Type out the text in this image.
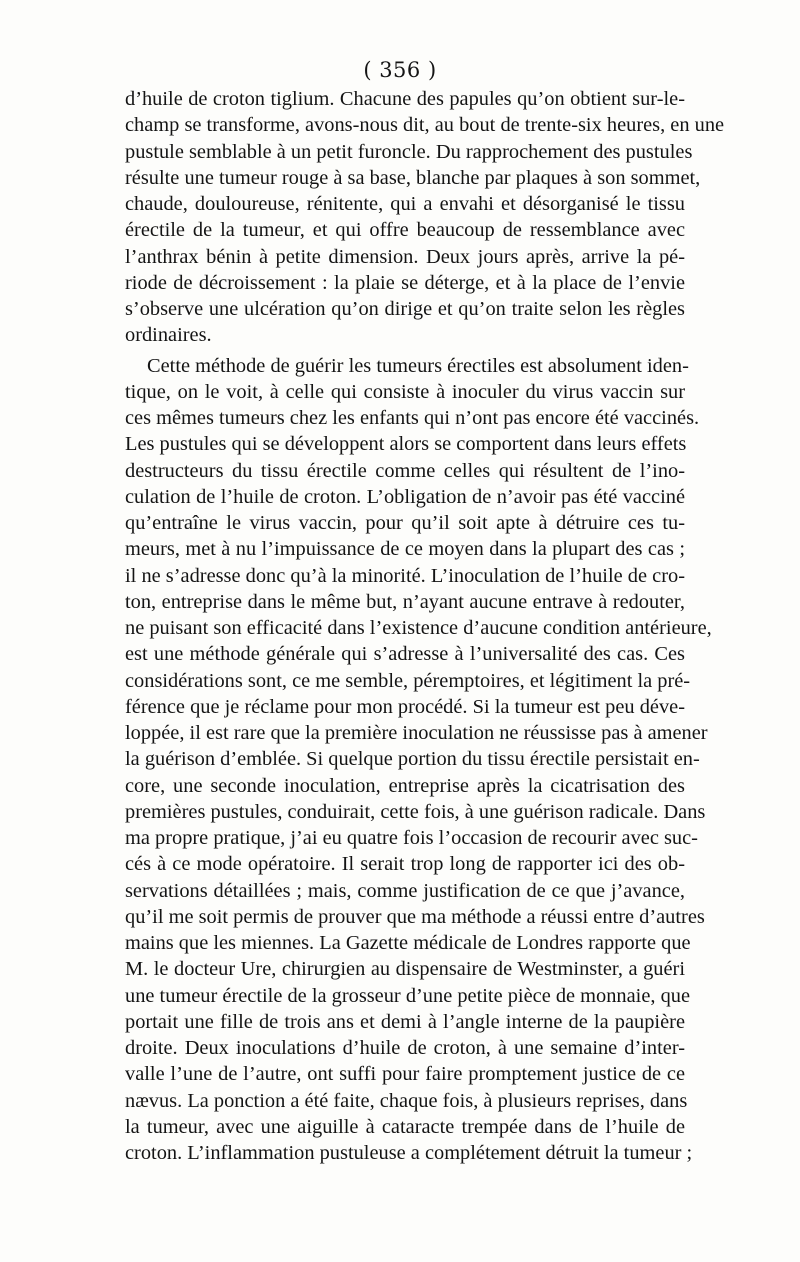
( 356 )
d’huile de croton tiglium. Chacune des papules qu’on obtient sur-le-
champ se transforme, avons-nous dit, au bout de trente-six heures, en une
pustule semblable à un petit furoncle. Du rapprochement des pustules
résulte une tumeur rouge à sa base, blanche par plaques à son sommet,
chaude, douloureuse, rénitente, qui a envahi et désorganisé le tissu
érectile de la tumeur, et qui offre beaucoup de ressemblance avec
l’anthrax bénin à petite dimension. Deux jours après, arrive la pé-
riode de décroissement : la plaie se déterge, et à la place de l’envie
s’observe une ulcération qu’on dirige et qu’on traite selon les règles
ordinaires.
Cette méthode de guérir les tumeurs érectiles est absolument iden-
tique, on le voit, à celle qui consiste à inoculer du virus vaccin sur
ces mêmes tumeurs chez les enfants qui n’ont pas encore été vaccinés.
Les pustules qui se développent alors se comportent dans leurs effets
destructeurs du tissu érectile comme celles qui résultent de l’ino-
culation de l’huile de croton. L’obligation de n’avoir pas été vacciné
qu’entraîne le virus vaccin, pour qu’il soit apte à détruire ces tu-
meurs, met à nu l’impuissance de ce moyen dans la plupart des cas ;
il ne s’adresse donc qu’à la minorité. L’inoculation de l’huile de cro-
ton, entreprise dans le même but, n’ayant aucune entrave à redouter,
ne puisant son efficacité dans l’existence d’aucune condition antérieure,
est une méthode générale qui s’adresse à l’universalité des cas. Ces
considérations sont, ce me semble, péremptoires, et légitiment la pré-
férence que je réclame pour mon procédé. Si la tumeur est peu déve-
loppée, il est rare que la première inoculation ne réussisse pas à amener
la guérison d’emblée. Si quelque portion du tissu érectile persistait en-
core, une seconde inoculation, entreprise après la cicatrisation des
premières pustules, conduirait, cette fois, à une guérison radicale. Dans
ma propre pratique, j’ai eu quatre fois l’occasion de recourir avec suc-
cés à ce mode opératoire. Il serait trop long de rapporter ici des ob-
servations détaillées ; mais, comme justification de ce que j’avance,
qu’il me soit permis de prouver que ma méthode a réussi entre d’autres
mains que les miennes. La Gazette médicale de Londres rapporte que
M. le docteur Ure, chirurgien au dispensaire de Westminster, a guéri
une tumeur érectile de la grosseur d’une petite pièce de monnaie, que
portait une fille de trois ans et demi à l’angle interne de la paupière
droite. Deux inoculations d’huile de croton, à une semaine d’inter-
valle l’une de l’autre, ont suffi pour faire promptement justice de ce
nævus. La ponction a été faite, chaque fois, à plusieurs reprises, dans
la tumeur, avec une aiguille à cataracte trempée dans de l’huile de
croton. L’inflammation pustuleuse a complétement détruit la tumeur ;
